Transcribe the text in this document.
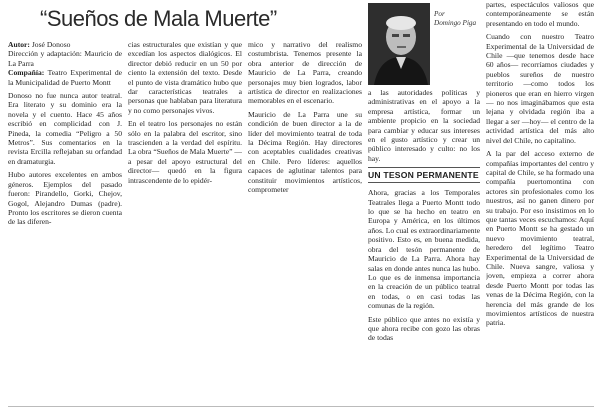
“Sueños de Mala Muerte”

Autor: José Donoso

Dirección y adaptación: Mauricio de La Parra

Compañía: Teatro Experimental de la Municipalidad de Puerto Montt

Donoso no fue nunca autor teatral. Era literato y su dominio era la novela y el cuento. Hace 45 años escribió en complicidad con J. Pineda, la comedia “Peligro a 50 Metros”. Sus comentarios en la revista Ercilla reflejaban su orfandad en dramaturgia.

Hubo autores excelentes en ambos géneros. Ejemplos del pasado fueron: Pirandello, Gorki, Chejov, Gogol, Alejandro Dumas (padre). Pronto los escritores se dieron cuenta de las diferen-

cias estructurales que existían y que excedían los aspectos dialógicos. El director debió reducir en un 50 por ciento la extensión del texto. Desde el punto de vista dramático hubo que dar características teatrales a personas que hablaban para literatura y no como personajes vivos.

En el teatro los personajes no están sólo en la palabra del escritor, sino trascienden a la verdad del espíritu. La obra “Sueños de Mala Muerte” —a pesar del apoyo estructural del director— quedó en la figura intrascendente de lo epidér-

mico y narrativo del realismo costumbrista. Tenemos presente la obra anterior de dirección de Mauricio de La Parra, creando personajes muy bien logrados, labor artística de director en realizaciones memorables en el escenario.

Mauricio de La Parra une su condición de buen director a la de líder del movimiento teatral de toda la Décima Región. Hay directores con aceptables cualidades creativas en Chile. Pero líderes: aquellos capaces de aglutinar talentos para constituir movimientos artísticos, comprometer

Por
Domingo Piga

a las autoridades políticas y administrativas en el apoyo a la empresa artística, formar un ambiente propicio en la sociedad para cambiar y educar sus intereses en el gusto artístico y crear un público interesado y culto: no los hay.

UN TESON PERMANENTE

Ahora, gracias a los Temporales Teatrales llega a Puerto Montt todo lo que se ha hecho en teatro en Europa y América, en los últimos años. Lo cual es extraordinariamente positivo. Esto es, en buena medida, obra del tesón permanente de Mauricio de La Parra. Ahora hay salas en donde antes nunca las hubo. Lo que es de inmensa importancia en la creación de un público teatral en todas, o en casi todas las comunas de la región.

Este público que antes no existía y que ahora recibe con gozo las obras de todas

partes, espectáculos valiosos que contemporáneamente se están presentando en todo el mundo.

Cuando con nuestro Teatro Experimental de la Universidad de Chile —que tenemos desde hace 60 años— recorríamos ciudades y pueblos sureños de nuestro territorio —como todos los pioneros que eran en hierro virgen— no nos imaginábamos que esta lejana y olvidada región iba a llegar a ser —hoy— el centro de la actividad artística del más alto nivel del Chile, no capitalino.

A la par del acceso externo de compañías importantes del centro y capital de Chile, se ha formado una compañía puertomontina con actores sin profesionales como los nuestros, así no ganen dinero por su trabajo. Por eso insistimos en lo que tantas veces escuchamos: Aquí en Puerto Montt se ha gestado un nuevo movimiento teatral, heredero del legítimo Teatro Experimental de la Universidad de Chile. Nueva sangre, valiosa y joven, empieza a correr ahora desde Puerto Montt por todas las venas de la Décima Región, con la herencia del más grande de los movimientos artísticos de nuestra patria.
